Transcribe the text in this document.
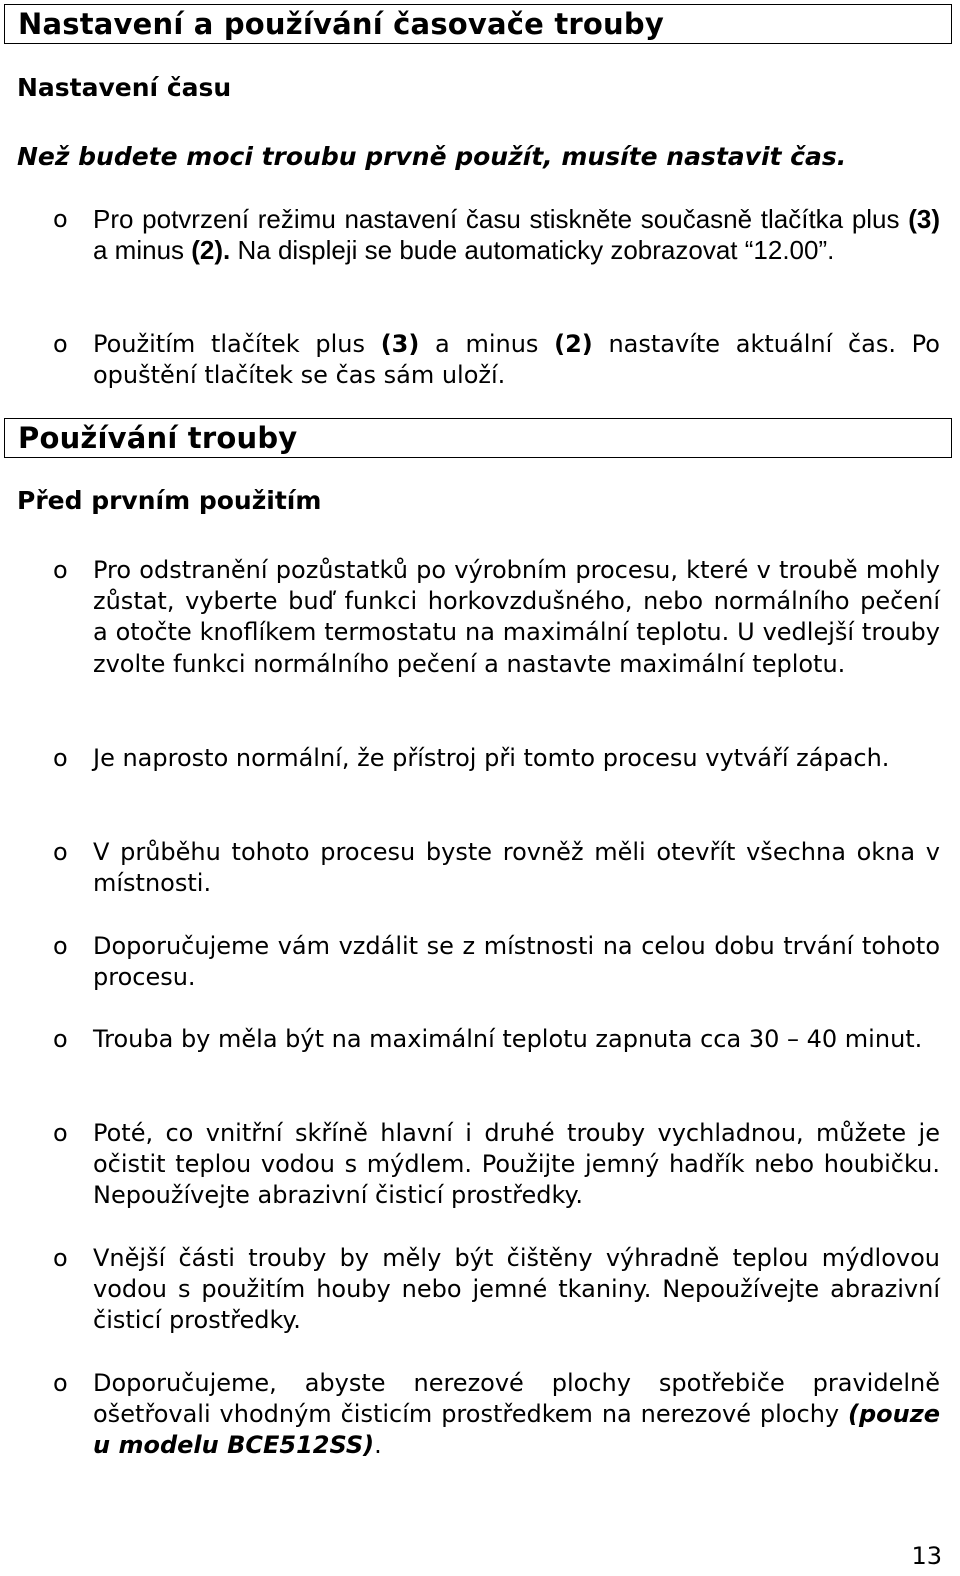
Nastavení a používání časovače trouby
Nastavení času
Než budete moci troubu prvně použít, musíte nastavit čas.
o Pro potvrzení režimu nastavení času stiskněte současně tlačítka plus (3) a minus (2). Na displeji se bude automaticky zobrazovat “12.00”.
o Použitím tlačítek plus (3) a minus (2) nastavíte aktuální čas. Po opuštění tlačítek se čas sám uloží.
Používání trouby
Před prvním použitím
o Pro odstranění pozůstatků po výrobním procesu, které v troubě mohly zůstat, vyberte buď funkci horkovzdušného, nebo normálního pečení a otočte knoflíkem termostatu na maximální teplotu. U vedlejší trouby zvolte funkci normálního pečení a nastavte maximální teplotu.
o Je naprosto normální, že přístroj při tomto procesu vytváří zápach.
o V průběhu tohoto procesu byste rovněž měli otevřít všechna okna v místnosti.
o Doporučujeme vám vzdálit se z místnosti na celou dobu trvání tohoto procesu.
o Trouba by měla být na maximální teplotu zapnuta cca 30 – 40 minut.
o Poté, co vnitřní skříně hlavní i druhé trouby vychladnou, můžete je očistit teplou vodou s mýdlem. Použijte jemný hadřík nebo houbičku. Nepoužívejte abrazivní čisticí prostředky.
o Vnější části trouby by měly být čištěny výhradně teplou mýdlovou vodou s použitím houby nebo jemné tkaniny. Nepoužívejte abrazivní čisticí prostředky.
o Doporučujeme, abyste nerezové plochy spotřebiče pravidelně ošetřovali vhodným čisticím prostředkem na nerezové plochy (pouze u modelu BCE512SS).
13
